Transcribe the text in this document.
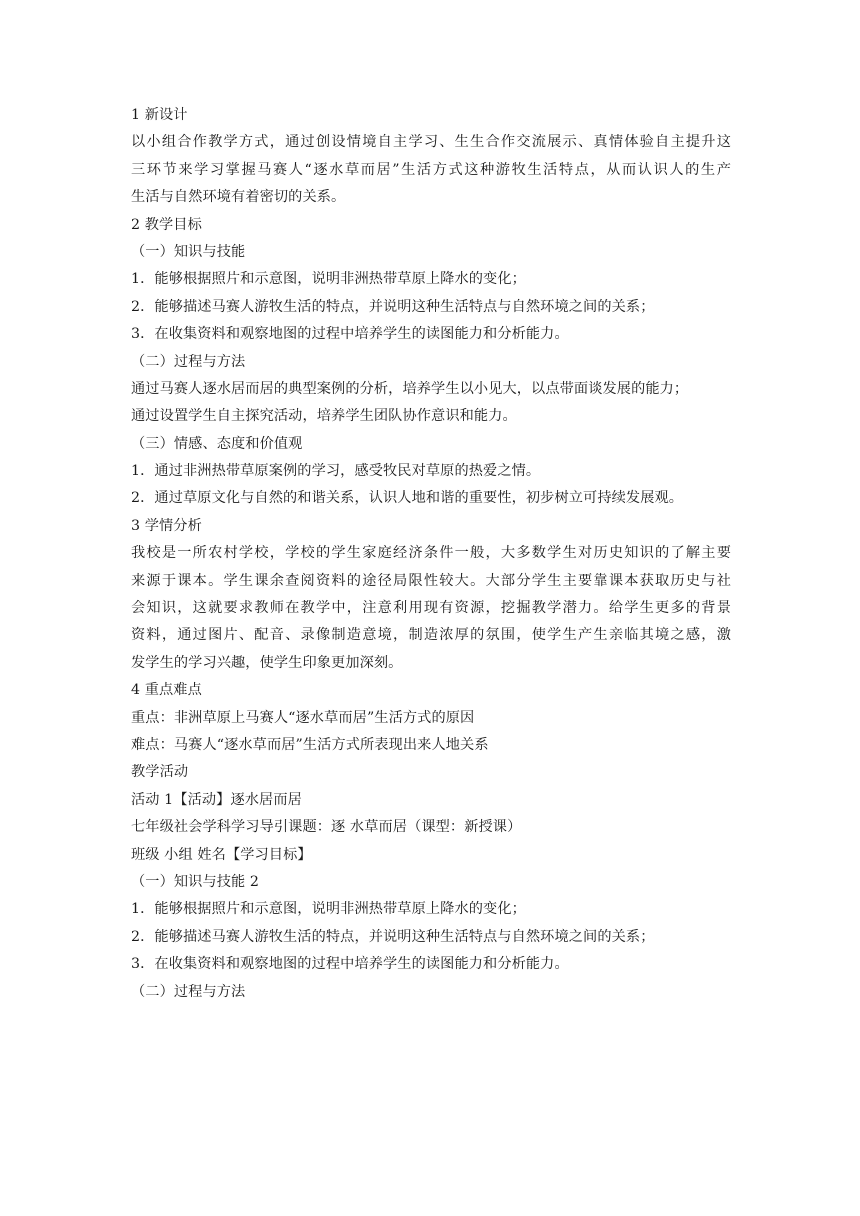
1 新设计
以小组合作教学方式，通过创设情境自主学习、生生合作交流展示、真情体验自主提升这
三环节来学习掌握马赛人“逐水草而居”生活方式这种游牧生活特点，从而认识人的生产
生活与自然环境有着密切的关系。
2 教学目标
（一）知识与技能
1．能够根据照片和示意图，说明非洲热带草原上降水的变化；
2．能够描述马赛人游牧生活的特点，并说明这种生活特点与自然环境之间的关系；
3．在收集资料和观察地图的过程中培养学生的读图能力和分析能力。
（二）过程与方法
通过马赛人逐水居而居的典型案例的分析，培养学生以小见大，以点带面谈发展的能力；
通过设置学生自主探究活动，培养学生团队协作意识和能力。
（三）情感、态度和价值观
1．通过非洲热带草原案例的学习，感受牧民对草原的热爱之情。
2．通过草原文化与自然的和谐关系，认识人地和谐的重要性，初步树立可持续发展观。
3 学情分析
我校是一所农村学校，学校的学生家庭经济条件一般，大多数学生对历史知识的了解主要
来源于课本。学生课余查阅资料的途径局限性较大。大部分学生主要靠课本获取历史与社
会知识，这就要求教师在教学中，注意利用现有资源，挖掘教学潜力。给学生更多的背景
资料，通过图片、配音、录像制造意境，制造浓厚的氛围，使学生产生亲临其境之感，激
发学生的学习兴趣，使学生印象更加深刻。
4 重点难点
重点：非洲草原上马赛人“逐水草而居”生活方式的原因
难点：马赛人“逐水草而居”生活方式所表现出来人地关系
教学活动
活动 1【活动】逐水居而居
七年级社会学科学习导引课题：逐 水草而居（课型：新授课）
班级 小组 姓名【学习目标】
（一）知识与技能 2
1．能够根据照片和示意图，说明非洲热带草原上降水的变化；
2．能够描述马赛人游牧生活的特点，并说明这种生活特点与自然环境之间的关系；
3．在收集资料和观察地图的过程中培养学生的读图能力和分析能力。
（二）过程与方法
